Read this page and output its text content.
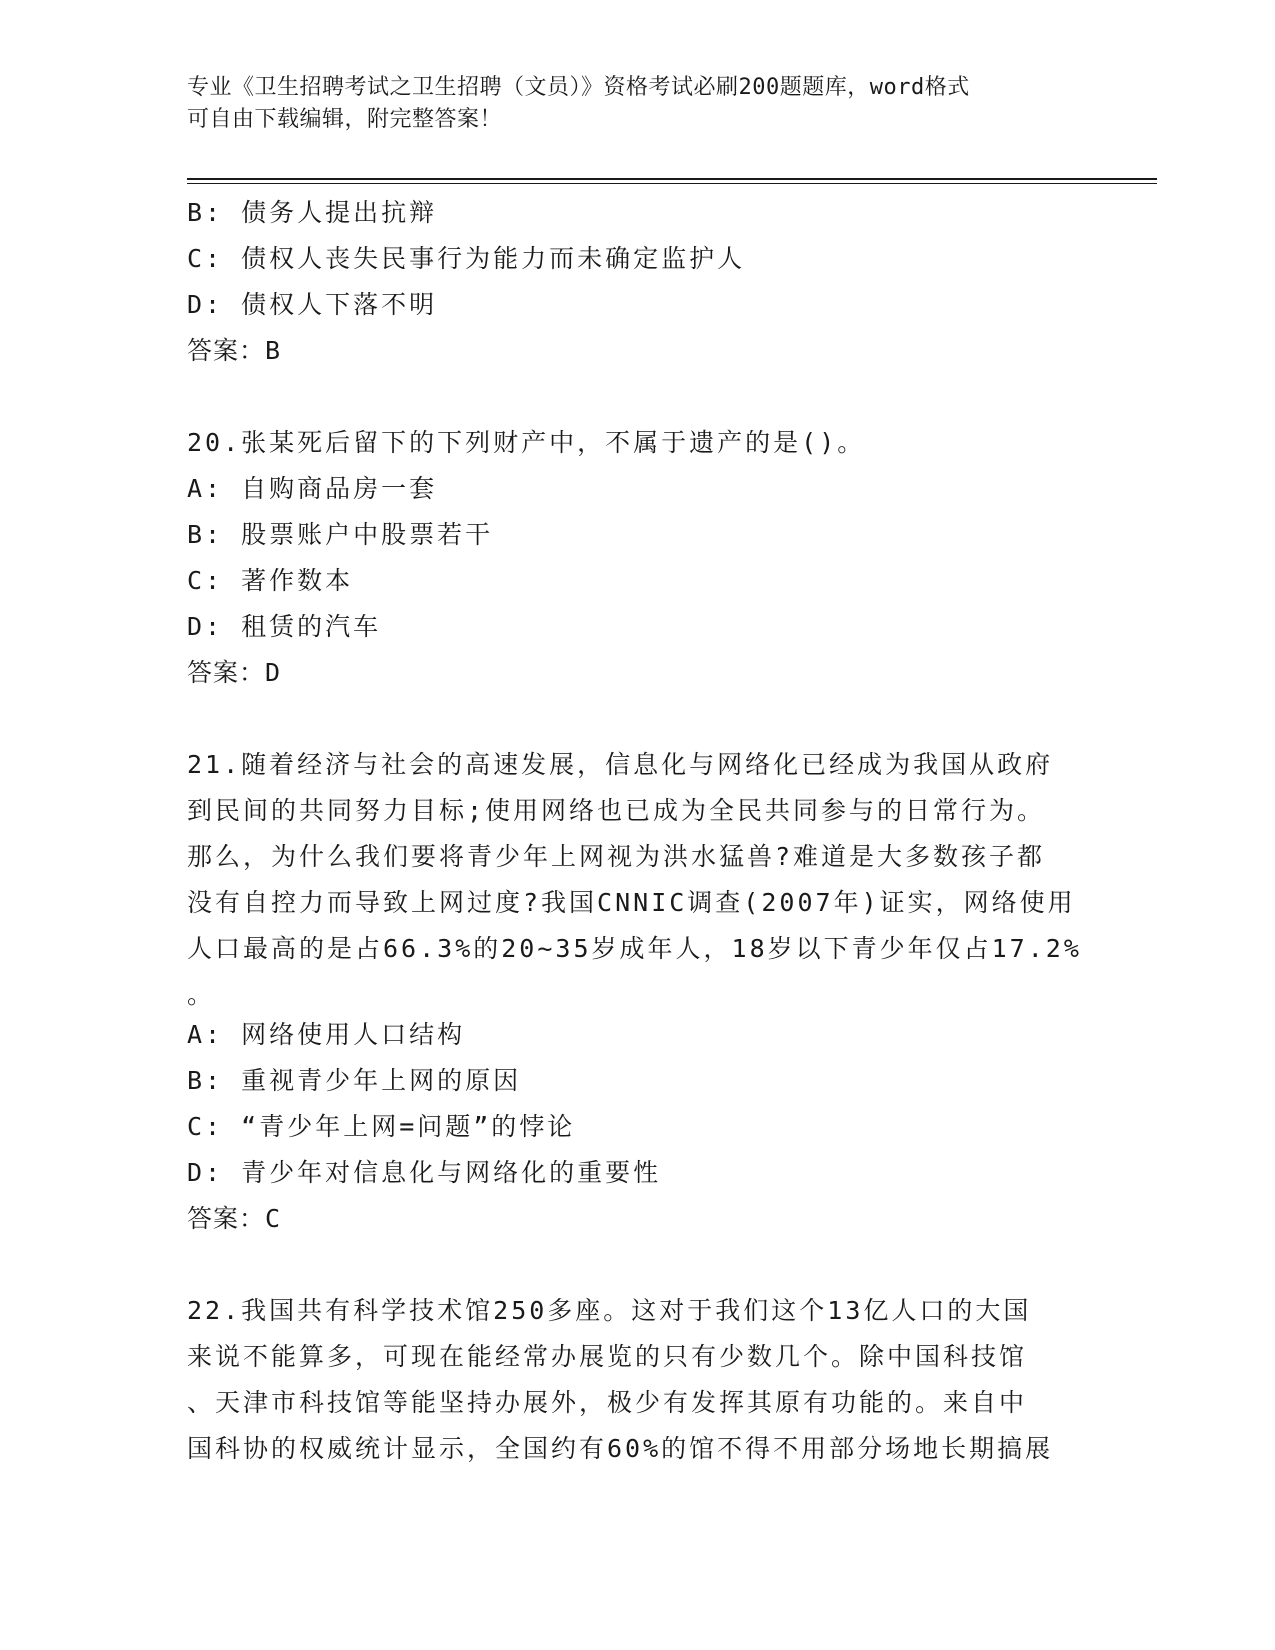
专业《卫生招聘考试之卫生招聘（文员）》资格考试必刷200题题库，word格式
可自由下载编辑，附完整答案！
B: 债务人提出抗辩
C: 债权人丧失民事行为能力而未确定监护人
D: 债权人下落不明
答案：B
20.张某死后留下的下列财产中，不属于遗产的是()。
A: 自购商品房一套
B: 股票账户中股票若干
C: 著作数本
D: 租赁的汽车
答案：D
21.随着经济与社会的高速发展，信息化与网络化已经成为我国从政府
到民间的共同努力目标;使用网络也已成为全民共同参与的日常行为。
那么，为什么我们要将青少年上网视为洪水猛兽?难道是大多数孩子都
没有自控力而导致上网过度?我国CNNIC调查(2007年)证实，网络使用
人口最高的是占66.3%的20~35岁成年人，18岁以下青少年仅占17.2%
。
A: 网络使用人口结构
B: 重视青少年上网的原因
C: “青少年上网=问题”的悖论
D: 青少年对信息化与网络化的重要性
答案：C
22.我国共有科学技术馆250多座。这对于我们这个13亿人口的大国
来说不能算多，可现在能经常办展览的只有少数几个。除中国科技馆
、天津市科技馆等能坚持办展外，极少有发挥其原有功能的。来自中
国科协的权威统计显示，全国约有60%的馆不得不用部分场地长期搞展
